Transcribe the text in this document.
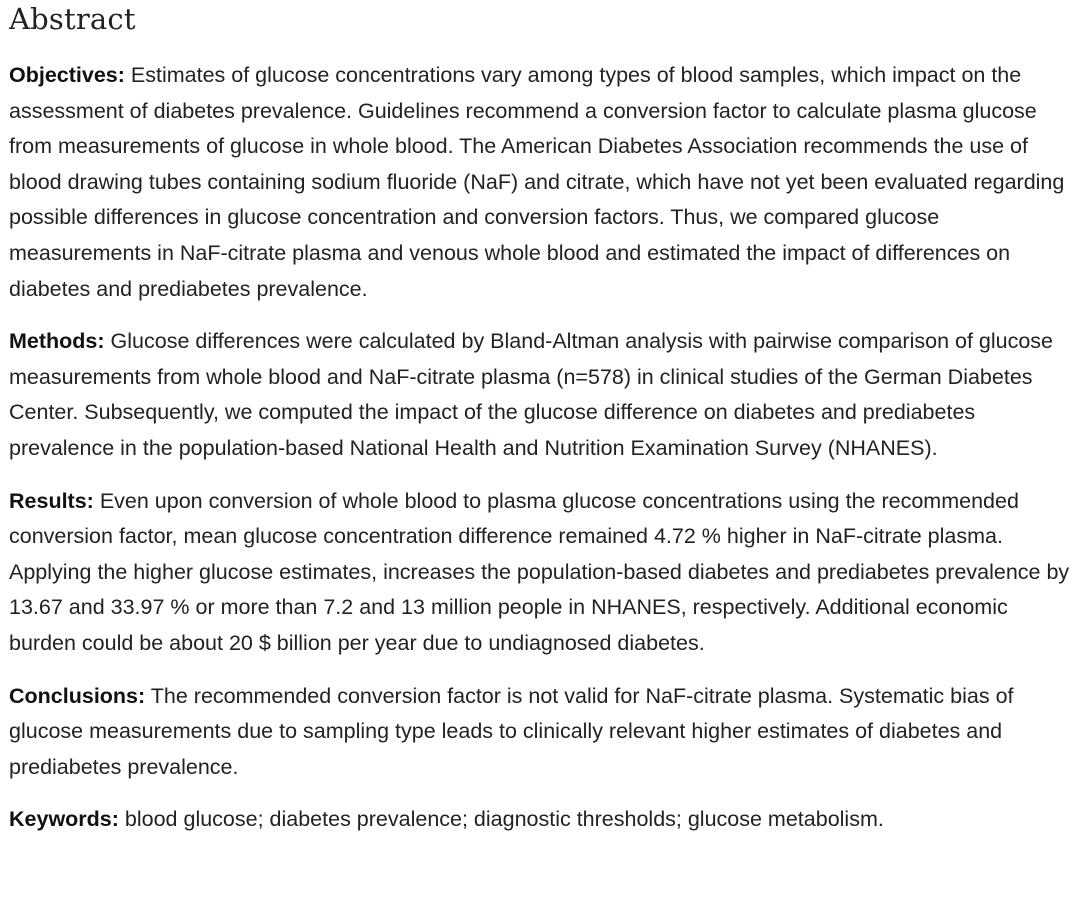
Abstract

Objectives: Estimates of glucose concentrations vary among types of blood samples, which impact on the assessment of diabetes prevalence. Guidelines recommend a conversion factor to calculate plasma glucose from measurements of glucose in whole blood. The American Diabetes Association recommends the use of blood drawing tubes containing sodium fluoride (NaF) and citrate, which have not yet been evaluated regarding possible differences in glucose concentration and conversion factors. Thus, we compared glucose measurements in NaF-citrate plasma and venous whole blood and estimated the impact of differences on diabetes and prediabetes prevalence.

Methods: Glucose differences were calculated by Bland-Altman analysis with pairwise comparison of glucose measurements from whole blood and NaF-citrate plasma (n=578) in clinical studies of the German Diabetes Center. Subsequently, we computed the impact of the glucose difference on diabetes and prediabetes prevalence in the population-based National Health and Nutrition Examination Survey (NHANES).

Results: Even upon conversion of whole blood to plasma glucose concentrations using the recommended conversion factor, mean glucose concentration difference remained 4.72 % higher in NaF-citrate plasma. Applying the higher glucose estimates, increases the population-based diabetes and prediabetes prevalence by 13.67 and 33.97 % or more than 7.2 and 13 million people in NHANES, respectively. Additional economic burden could be about 20 $ billion per year due to undiagnosed diabetes.

Conclusions: The recommended conversion factor is not valid for NaF-citrate plasma. Systematic bias of glucose measurements due to sampling type leads to clinically relevant higher estimates of diabetes and prediabetes prevalence.

Keywords: blood glucose; diabetes prevalence; diagnostic thresholds; glucose metabolism.
